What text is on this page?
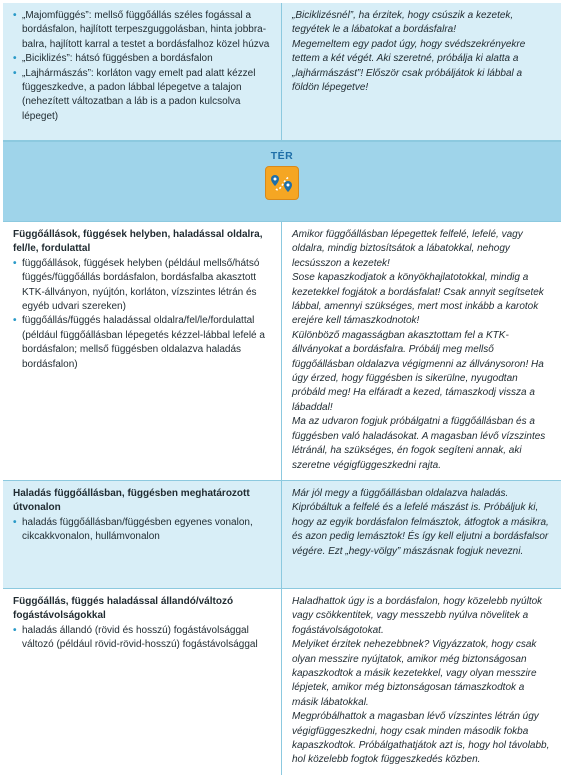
• „Majomfüggés”: mellső függőállás széles fogással a bordásfalon, hajlított terpeszguggolásban, hinta jobbra-balra, hajlított karral a testet a bordásfalhoz közel húzva
• „Biciklizés”: hátsó függésben a bordásfalon
• „Lajhármászás”: korláton vagy emelt pad alatt kézzel függeszkedve, a padon lábbal lépegetve a talajon (nehezített változatban a láb is a padon kulcsolva lépeget)

„Biciklizésnél”, ha érzitek, hogy csúszik a kezetek, tegyétek le a lábatokat a bordásfalra!

Megemeltem egy padot úgy, hogy svédszekrényekre tettem a két végét. Aki szeretné, próbálja ki alatta a „lajhármászást”! Először csak próbáljátok ki lábbal a földön lépegetve!

TÉR
Függőállások, függések helyben, haladással oldalra, fel/le, fordulattal
• függőállások, függések helyben (például mellső/hátsó függés/függőállás bordásfalon, bordásfalba akasztott KTK-állványon, nyújtón, korláton, vízszintes létrán és egyéb udvari szereken)
• függőállás/függés haladással oldalra/fel/le/fordulattal (például függőállásban lépegetés kézzel-lábbal lefelé a bordásfalon; mellső függésben oldalazva haladás bordásfalon)

Amikor függőállásban lépegettek felfelé, lefelé, vagy oldalra, mindig biztosítsátok a lábatokkal, nehogy lecsússzon a kezetek!

Sose kapaszkodjatok a könyökhajlatotokkal, mindig a kezetekkel fogjátok a bordásfalat! Csak annyit segítsetek lábbal, amennyi szükséges, mert most inkább a karotok erejére kell támaszkodnotok!

Különböző magasságban akasztottam fel a KTK-állványokat a bordásfalra. Próbálj meg mellső függőállásban oldalazva végigmenni az állványsoron! Ha úgy érzed, hogy függésben is sikerülne, nyugodtan próbáld meg! Ha elfáradt a kezed, támaszkodj vissza a lábaddal!

Ma az udvaron fogjuk próbálgatni a függőállásban és a függésben való haladásokat. A magasban lévő vízszintes létránál, ha szükséges, én fogok segíteni annak, aki szeretne végigfüggeszkedni rajta.

Haladás függőállásban, függésben meghatározott útvonalon
• haladás függőállásban/függésben egyenes vonalon, cikcakkvonalon, hullámvonalon

Már jól megy a függőállásban oldalazva haladás. Kipróbáltuk a felfelé és a lefelé mászást is. Próbáljuk ki, hogy az egyik bordásfalon felmásztok, átfogtok a másikra, és azon pedig lemásztok! És így kell eljutni a bordásfalsor végére. Ezt „hegy-völgy” mászásnak fogjuk nevezni.

Függőállás, függés haladással állandó/változó fogástávolságokkal
• haladás állandó (rövid és hosszú) fogástávolsággal változó (például rövid-rövid-hosszú) fogástávolsággal

Haladhattok úgy is a bordásfalon, hogy közelebb nyúltok vagy csökkentitek, vagy messzebb nyúlva növelitek a fogástávolságotokat.

Melyiket érzitek nehezebbnek? Vigyázzatok, hogy csak olyan messzire nyújtatok, amikor még biztonságosan kapaszkodtok a másik kezetekkel, vagy olyan messzire lépjetek, amikor még biztonságosan támaszkodtok a másik lábatokkal.

Megpróbálhattok a magasban lévő vízszintes létrán úgy végigfüggeszkedni, hogy csak minden második fokba kapaszkodtok. Próbálgathatjátok azt is, hogy hol távolabb, hol közelebb fogtok függeszkedés közben.
